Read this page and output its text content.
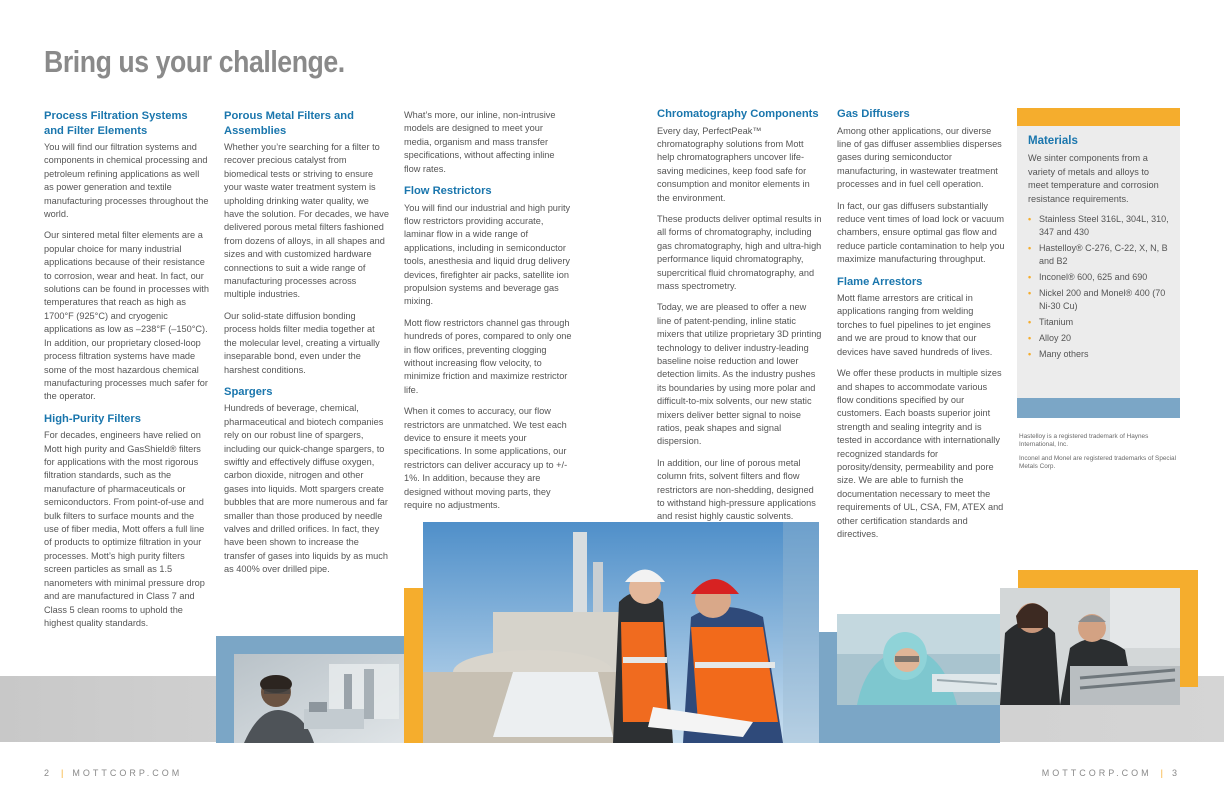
Bring us your challenge.
Process Filtration Systems and Filter Elements

You will find our filtration systems and components in chemical processing and petroleum refining applications as well as power generation and textile manufacturing processes throughout the world.

Our sintered metal filter elements are a popular choice for many industrial applications because of their resistance to corrosion, wear and heat. In fact, our solutions can be found in processes with temperatures that reach as high as 1700°F (925°C) and cryogenic applications as low as –238°F (–150°C). In addition, our proprietary closed-loop process filtration systems have made some of the most hazardous chemical manufacturing processes much safer for the operator.

High-Purity Filters

For decades, engineers have relied on Mott high purity and GasShield® filters for applications with the most rigorous filtration standards, such as the manufacture of pharmaceuticals or semiconductors. From point-of-use and bulk filters to surface mounts and the use of fiber media, Mott offers a full line of products to optimize filtration in your processes. Mott’s high purity filters screen particles as small as 1.5 nanometers with minimal pressure drop and are manufactured in Class 7 and Class 5 clean rooms to uphold the highest quality standards.

Porous Metal Filters and Assemblies

Whether you’re searching for a filter to recover precious catalyst from biomedical tests or striving to ensure your waste water treatment system is upholding drinking water quality, we have the solution. For decades, we have delivered porous metal filters fashioned from dozens of alloys, in all shapes and sizes and with customized hardware connections to suit a wide range of manufacturing processes across multiple industries.

Our solid-state diffusion bonding process holds filter media together at the molecular level, creating a virtually inseparable bond, even under the harshest conditions.

Spargers

Hundreds of beverage, chemical, pharmaceutical and biotech companies rely on our robust line of spargers, including our quick-change spargers, to swiftly and effectively diffuse oxygen, carbon dioxide, nitrogen and other gases into liquids. Mott spargers create bubbles that are more numerous and far smaller than those produced by needle valves and drilled orifices. In fact, they have been shown to increase the transfer of gases into liquids by as much as 400% over drilled pipe.

What’s more, our inline, non-intrusive models are designed to meet your media, organism and mass transfer specifications, without affecting inline flow rates.

Flow Restrictors

You will find our industrial and high purity flow restrictors providing accurate, laminar flow in a wide range of applications, including in semiconductor tools, anesthesia and liquid drug delivery devices, firefighter air packs, satellite ion propulsion systems and beverage gas mixing.

Mott flow restrictors channel gas through hundreds of pores, compared to only one in flow orifices, preventing clogging without increasing flow velocity, to minimize friction and maximize restrictor life.

When it comes to accuracy, our flow restrictors are unmatched. We test each device to ensure it meets your specifications. In some applications, our restrictors can deliver accuracy up to +/- 1%. In addition, because they are designed without moving parts, they require no adjustments.

Chromatography Components

Every day, PerfectPeak™ chromatography solutions from Mott help chromatographers uncover life-saving medicines, keep food safe for consumption and monitor elements in the environment.

These products deliver optimal results in all forms of chromatography, including gas chromatography, high and ultra-high performance liquid chromatography, supercritical fluid chromatography, and mass spectrometry.

Today, we are pleased to offer a new line of patent-pending, inline static mixers that utilize proprietary 3D printing technology to deliver industry-leading baseline noise reduction and lower detection limits. As the industry pushes its boundaries by using more polar and difficult-to-mix solvents, our new static mixers deliver better signal to noise ratios, peak shapes and signal dispersion.

In addition, our line of porous metal column frits, solvent filters and flow restrictors are non-shedding, designed to withstand high-pressure applications and resist highly caustic solvents.

Gas Diffusers

Among other applications, our diverse line of gas diffuser assemblies disperses gases during semiconductor manufacturing, in wastewater treatment processes and in fuel cell operation.

In fact, our gas diffusers substantially reduce vent times of load lock or vacuum chambers, ensure optimal gas flow and reduce particle contamination to help you maximize manufacturing throughput.

Flame Arrestors

Mott flame arrestors are critical in applications ranging from welding torches to fuel pipelines to jet engines and we are proud to know that our devices have saved hundreds of lives.

We offer these products in multiple sizes and shapes to accommodate various flow conditions specified by our customers. Each boasts superior joint strength and sealing integrity and is tested in accordance with internationally recognized standards for porosity/density, permeability and pore size. We are able to furnish the documentation necessary to meet the requirements of UL, CSA, FM, ATEX and other certification standards and directives.

Materials
We sinter components from a variety of metals and alloys to meet temperature and corrosion resistance requirements.
• Stainless Steel 316L, 304L, 310, 347 and 430
• Hastelloy® C-276, C-22, X, N, B and B2
• Inconel® 600, 625 and 690
• Nickel 200 and Monel® 400 (70 Ni-30 Cu)
• Titanium
• Alloy 20
• Many others
Hastelloy is a registered trademark of Haynes International, Inc.
Inconel and Monel are registered trademarks of Special Metals Corp.
2 | MOTTCORP.COM	MOTTCORP.COM | 3
